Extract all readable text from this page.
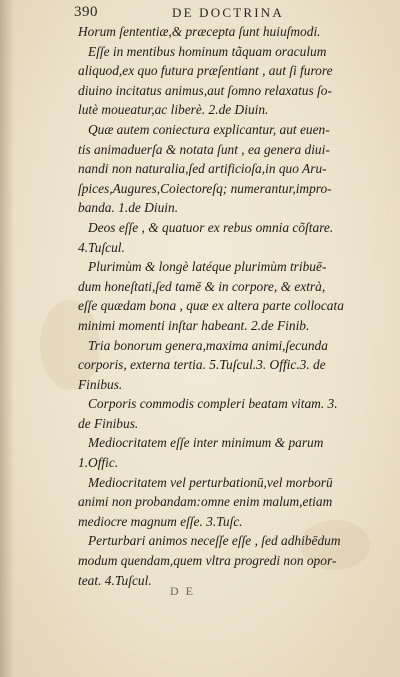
390	DE DOCTRINA
Horum ſententiæ,& præcepta ſunt huiuſmodi.
Eſſe in mentibus hominum tãquam oraculum
aliquod,ex quo futura præſentiant , aut ſi furore
diuino incitatus animus,aut ſomno relaxatus ſo-
lutè moueatur,ac liberè. 2.de Diuin.
Quæ autem coniectura explicantur, aut euen-
tis animaduerſa & notata ſunt , ea genera diui-
nandi non naturalia,ſed artificioſa,in quo Aru-
ſpices,Augures,Coiectoreſq; numerantur,impro-
banda. 1.de Diuin.
Deos eſſe , & quatuor ex rebus omnia cõſtare.
4.Tuſcul.
Plurimùm & longè latéque plurimùm tribuē-
dum honeſtati,ſed tamē & in corpore, & extrà,
eſſe quædam bona , quæ ex altera parte collocata
minimi momenti inſtar habeant. 2.de Finib.
Tria bonorum genera,maxima animi,ſecunda
corporis, externa tertia. 5.Tuſcul.3. Offic.3. de
Finibus.
Corporis commodis compleri beatam vitam. 3.
de Finibus.
Mediocritatem eſſe inter minimum & parum
1.Offic.
Mediocritatem vel perturbationū,vel morborū
animi non probandam:omne enim malum,etiam
mediocre magnum eſſe. 3.Tuſc.
Perturbari animos neceſſe eſſe , ſed adhibēdum
modum quendam,quem vltra progredi non opor-
teat. 4.Tuſcul.
D E
